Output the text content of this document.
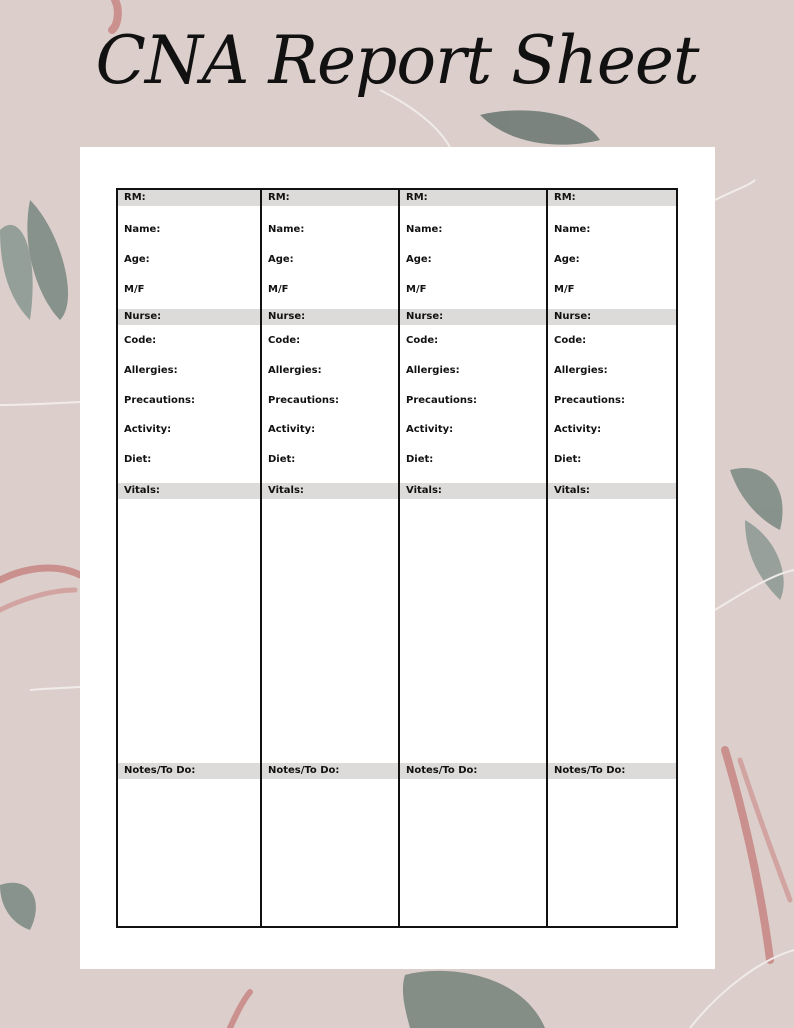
CNA Report Sheet
RM:
Name:
Age:
M/F
Nurse:
Code:
Allergies:
Precautions:
Activity:
Diet:
Vitals:
Notes/To Do:
RM:
Name:
Age:
M/F
Nurse:
Code:
Allergies:
Precautions:
Activity:
Diet:
Vitals:
Notes/To Do:
RM:
Name:
Age:
M/F
Nurse:
Code:
Allergies:
Precautions:
Activity:
Diet:
Vitals:
Notes/To Do:
RM:
Name:
Age:
M/F
Nurse:
Code:
Allergies:
Precautions:
Activity:
Diet:
Vitals:
Notes/To Do:
